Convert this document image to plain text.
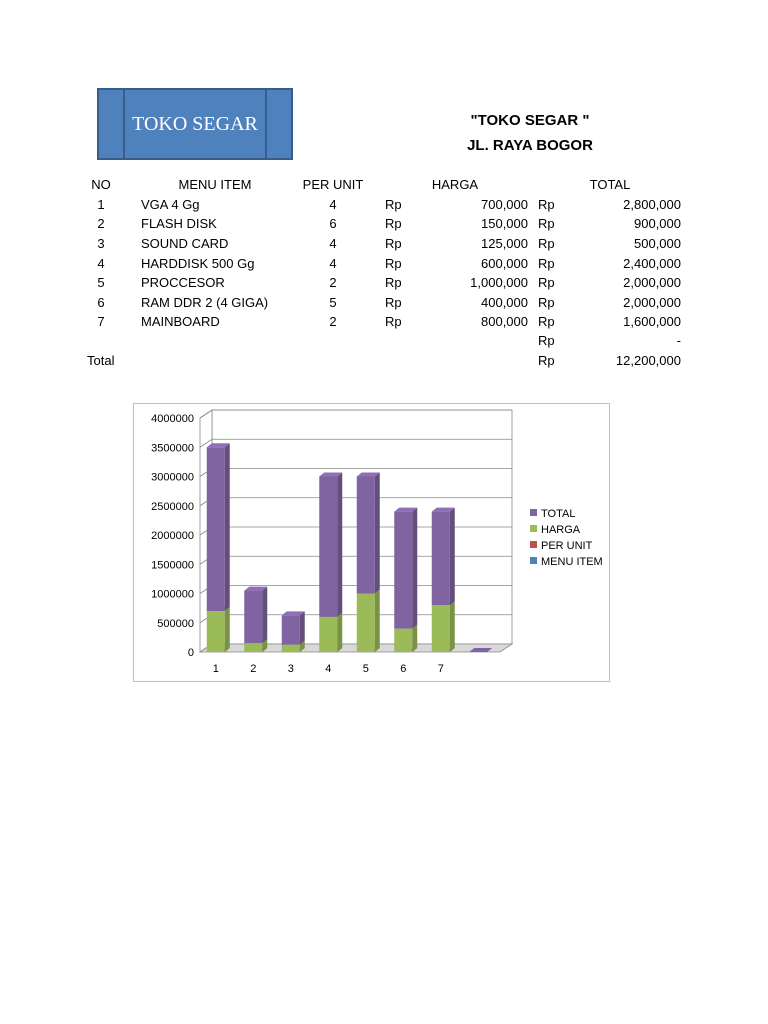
TOKO SEGAR	"TOKO SEGAR "
JL. RAYA BOGOR
NO	MENU ITEM	PER UNIT	HARGA	TOTAL
1	VGA 4 Gg	4	Rp	700,000 Rp	2,800,000
2	FLASH DISK	6	Rp	150,000 Rp	900,000
3	SOUND CARD	4	Rp	125,000 Rp	500,000
4	HARDDISK 500 Gg	4	Rp	600,000 Rp	2,400,000
5	PROCCESOR	2	Rp	1,000,000 Rp	2,000,000
6	RAM DDR 2 (4 GIGA)	5	Rp	400,000 Rp	2,000,000
7	MAINBOARD	2	Rp	800,000 Rp	1,600,000
Rp	-
Total	Rp	12,200,000
0
500000
1000000
1500000
2000000
2500000
3000000
3500000
4000000
1	2	3	4	5	6	7
TOTAL
HARGA
PER UNIT
MENU ITEM
